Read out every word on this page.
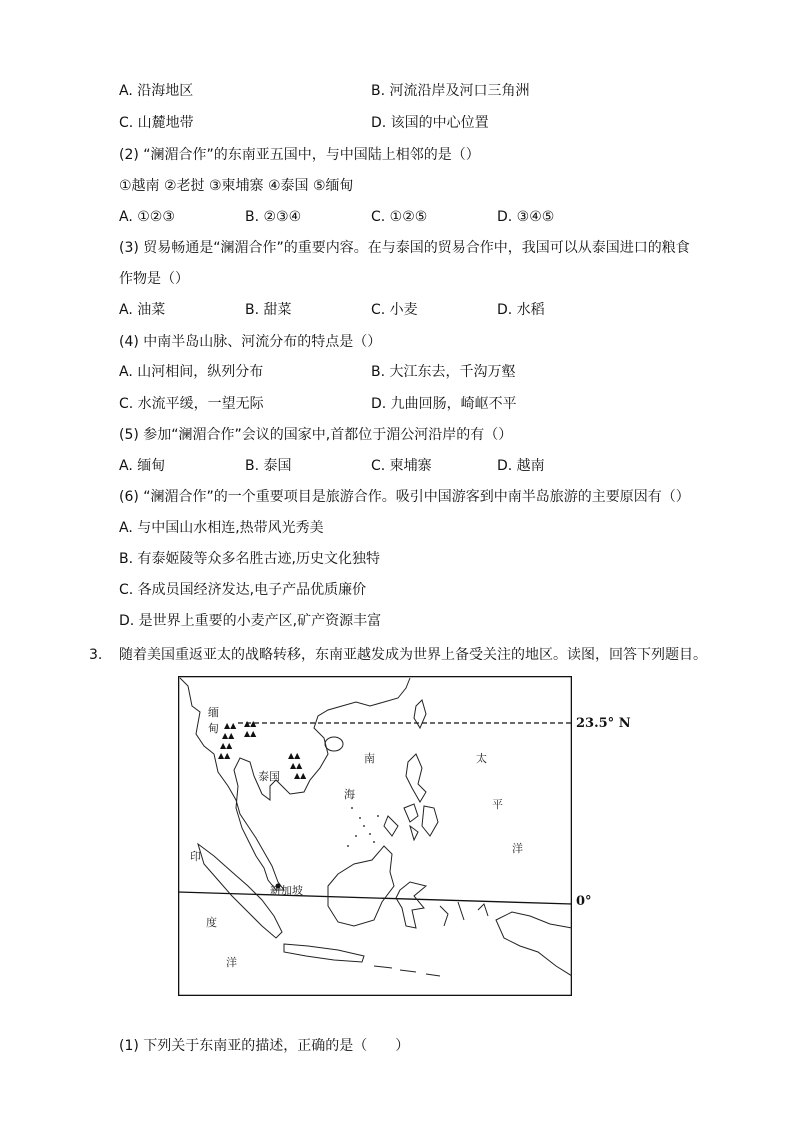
A. 沿海地区	B. 河流沿岸及河口三角洲
C. 山麓地带	D. 该国的中心位置
(2) “澜湄合作”的东南亚五国中，与中国陆上相邻的是（）
①越南 ②老挝 ③柬埔寨 ④泰国 ⑤缅甸
A. ①②③	B. ②③④	C. ①②⑤	D. ③④⑤
(3) 贸易畅通是“澜湄合作”的重要内容。在与泰国的贸易合作中，我国可以从泰国进口的粮食
作物是（）
A. 油菜	B. 甜菜	C. 小麦	D. 水稻
(4) 中南半岛山脉、河流分布的特点是（）
A. 山河相间，纵列分布	B. 大江东去，千沟万壑
C. 水流平缓，一望无际	D. 九曲回肠，崎岖不平
(5) 参加“澜湄合作”会议的国家中,首都位于湄公河沿岸的有（）
A. 缅甸	B. 泰国	C. 柬埔寨	D. 越南
(6) “澜湄合作”的一个重要项目是旅游合作。吸引中国游客到中南半岛旅游的主要原因有（）
A. 与中国山水相连,热带风光秀美
B. 有泰姬陵等众多名胜古迹,历史文化独特
C. 各成员国经济发达,电子产品优质廉价
D. 是世界上重要的小麦产区,矿产资源丰富
3. 随着美国重返亚太的战略转移，东南亚越发成为世界上备受关注的地区。读图，回答下列题目。
▲▲
▲▲
▲▲
▲▲
▲▲
▲▲
▲▲
▲▲
▲▲
缅
甸
泰国
新加坡
南
海
太
平
洋
印
度
洋
23.5° N
0°
(1) 下列关于东南亚的描述，正确的是（　　）
